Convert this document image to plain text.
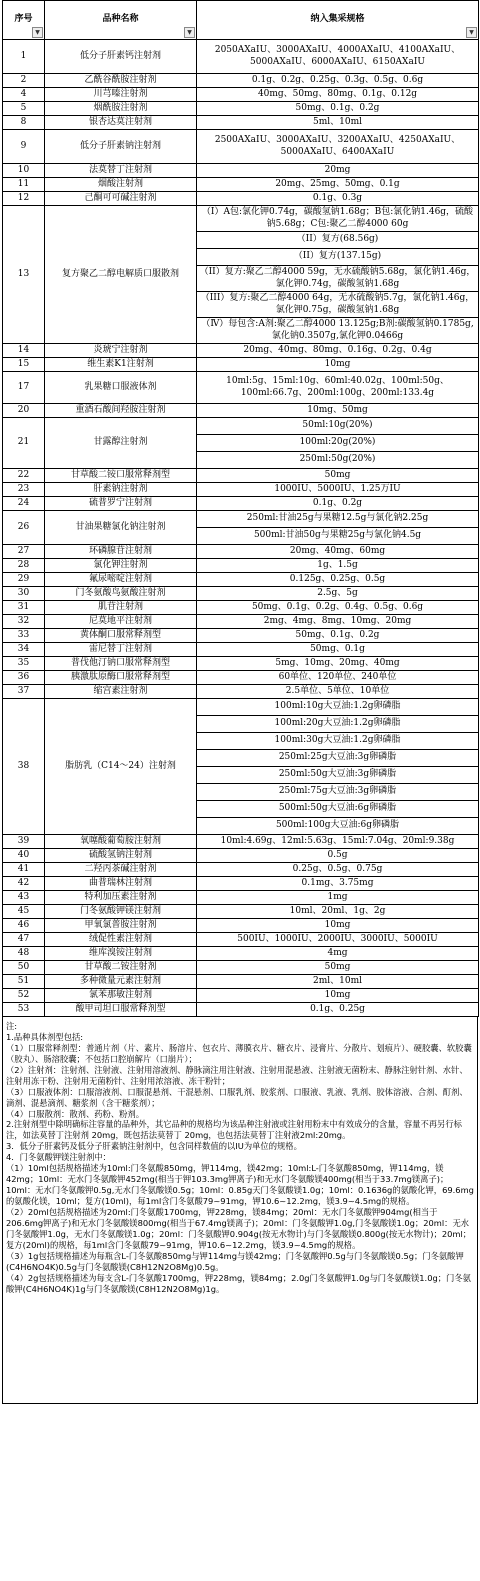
序号
▼	品种名称
▼	纳入集采规格
▼

1	低分子肝素钙注射剂	2050AXaIU、3000AXaIU、4000AXaIU、4100AXaIU、5000AXaIU、6000AXaIU、6150AXaIU
2	乙酰谷酰胺注射剂	0.1g、0.2g、0.25g、0.3g、0.5g、0.6g
4	川芎嗪注射剂	40mg、50mg、80mg、0.1g、0.12g
5	烟酰胺注射剂	50mg、0.1g、0.2g
8	银杏达莫注射剂	5ml、10ml
9	低分子肝素钠注射剂	2500AXaIU、3000AXaIU、3200AXaIU、4250AXaIU、5000AXaIU、6400AXaIU
10	法莫替丁注射剂	20mg
11	烟酸注射剂	20mg、25mg、50mg、0.1g
12	己酮可可碱注射剂	0.1g、0.3g
13	复方聚乙二醇电解质口服散剂	（I）A包:氯化钾0.74g，碳酸氢钠1.68g；B包:氯化钠1.46g，硫酸钠5.68g；C包:聚乙二醇4000 60g
		（II）复方(68.56g)
		（II）复方(137.15g)
		（II）复方:聚乙二醇4000 59g，无水硫酸钠5.68g，氯化钠1.46g，氯化钾0.74g，碳酸氢钠1.68g
		（III）复方:聚乙二醇4000 64g，无水硫酸钠5.7g，氯化钠1.46g，氯化钾0.75g，碳酸氢钠1.68g
		（Ⅳ）每包含:A剂:聚乙二醇4000 13.125g;B剂:碳酸氢钠0.1785g,氯化钠0.3507g,氯化钾0.0466g
14	炎琥宁注射剂	20mg、40mg、80mg、0.16g、0.2g、0.4g
15	维生素K1注射剂	10mg
17	乳果糖口服液体剂	10ml:5g、15ml:10g、60ml:40.02g、100ml:50g、100ml:66.7g、200ml:100g、200ml:133.4g
20	重酒石酸间羟胺注射剂	10mg、50mg
21	甘露醇注射剂	50ml:10g(20%)
		100ml:20g(20%)
		250ml:50g(20%)
22	甘草酸二铵口服常释剂型	50mg
23	肝素钠注射剂	1000IU、5000IU、1.25万IU
24	硫普罗宁注射剂	0.1g、0.2g
26	甘油果糖氯化钠注射剂	250ml:甘油25g与果糖12.5g与氯化钠2.25g
		500ml:甘油50g与果糖25g与氯化钠4.5g
27	环磷腺苷注射剂	20mg、40mg、60mg
28	氯化钾注射剂	1g、1.5g
29	氟尿嘧啶注射剂	0.125g、0.25g、0.5g
30	门冬氨酸鸟氨酸注射剂	2.5g、5g
31	肌苷注射剂	50mg、0.1g、0.2g、0.4g、0.5g、0.6g
32	尼莫地平注射剂	2mg、4mg、8mg、10mg、20mg
33	黄体酮口服常释剂型	50mg、0.1g、0.2g
34	雷尼替丁注射剂	50mg、0.1g
35	普伐他汀钠口服常释剂型	5mg、10mg、20mg、40mg
36	胰激肽原酶口服常释剂型	60单位、120单位、240单位
37	缩宫素注射剂	2.5单位、5单位、10单位
38	脂肪乳（C14～24）注射剂	100ml:10g大豆油:1.2g卵磷脂
		100ml:20g大豆油:1.2g卵磷脂
		100ml:30g大豆油:1.2g卵磷脂
		250ml:25g大豆油:3g卵磷脂
		250ml:50g大豆油:3g卵磷脂
		250ml:75g大豆油:3g卵磷脂
		500ml:50g大豆油:6g卵磷脂
		500ml:100g大豆油:6g卵磷脂
39	氧噻酸葡萄胺注射剂	10ml:4.69g、12ml:5.63g、15ml:7.04g、20ml:9.38g
40	硫酸氢钠注射剂	0.5g
41	二羟丙茶碱注射剂	0.25g、0.5g、0.75g
42	曲普瑞林注射剂	0.1mg、3.75mg
43	特利加压素注射剂	1mg
45	门冬氨酸钾镁注射剂	10ml、20ml、1g、2g
46	甲氧氯普胺注射剂	10mg
47	绒促性素注射剂	500IU、1000IU、2000IU、3000IU、5000IU
48	维库溴铵注射剂	4mg
50	甘草酸二铵注射剂	50mg
51	多种微量元素注射剂	2ml、10ml
52	氯苯那敏注射剂	10mg
53	酸甲司坦口服常释剂型	0.1g、0.25g
注:
1.品种具体剂型包括:
（1）口服常释剂型：普通片剂（片、素片、肠溶片、包衣片、薄膜衣片、糖衣片、浸膏片、分散片、划痕片）、硬胶囊、软胶囊（胶丸）、肠溶胶囊；不包括口腔崩解片（口崩片）；
（2）注射剂：注射剂、注射液、注射用溶液剂、静脉滴注用注射液、注射用混悬液、注射液无菌粉末、静脉注射针剂、水针、注射用冻干粉、注射用无菌粉针、注射用浓溶液、冻干粉针；
（3）口服液体剂：口服溶液剂、口服混悬剂、干混悬剂、口服乳剂、胶浆剂、口服液、乳液、乳剂、胶体溶液、合剂、酊剂、滴剂、混悬滴剂、糖浆剂（含干糖浆剂）；
（4）口服散剂：散剂、药粉、粉剂。
2.注射剂型中除明确标注容量的品种外，其它品种的规格均为该品种注射液或注射用粉末中有效成分的含量，容量不再另行标注，如法莫替丁注射剂 20mg，既包括法莫替丁 20mg，也包括法莫替丁注射液2ml:20mg。
3．低分子肝素钙及低分子肝素钠注射剂中，包含同样数值的以IU为单位的规格。
4．门冬氨酸钾镁注射剂中：
（1）10ml包括规格描述为10ml:门冬氨酸850mg，钾114mg，镁42mg；10ml:L-门冬氨酸850mg，钾114mg，镁42mg；10ml：无水门冬氨酸钾452mg(相当于钾103.3mg钾离子)和无水门冬氨酸镁400mg(相当于33.7mg镁离子)；10ml：无水门冬氨酸钾0.5g,无水门冬氨酸镁0.5g；10ml：0.85g天门冬氨酸镁1.0g；10ml：0.1636g的氨酸化钾，69.6mg的氨酸化镁，10ml；复方(10ml)，每1ml含门冬氨酸79~91mg，钾10.6~12.2mg，镁3.9~4.5mg的规格。
（2）20ml包括规格描述为20ml:门冬氨酸1700mg，钾228mg，镁84mg；20ml：无水门冬氨酸钾904mg(相当于206.6mg钾离子)和无水门冬氨酸镁800mg(相当于67.4mg镁离子)；20ml：门冬氨酸钾1.0g,门冬氨酸镁1.0g；20ml：无水门冬氨酸钾1.0g，无水门冬氨酸镁1.0g；20ml：门冬氨酸钾0.904g(按无水物计)与门冬氨酸镁0.800g(按无水物计)；20ml；复方(20ml)的规格，每1ml含门冬氨酸79~91mg，钾10.6~12.2mg，镁3.9~4.5mg的规格。
（3）1g包括规格描述为每瓶含L-门冬氨酸850mg与钾114mg与镁42mg；门冬氨酸钾0.5g与门冬氨酸镁0.5g；门冬氨酸钾(C4H6NO4K)0.5g与门冬氨酸镁(C8H12N2O8Mg)0.5g。
（4）2g包括规格描述为每支含L-门冬氨酸1700mg，钾228mg，镁84mg；2.0g门冬氨酸钾1.0g与门冬氨酸镁1.0g；门冬氨酸钾(C4H6NO4K)1g与门冬氨酸镁(C8H12N2O8Mg)1g。
